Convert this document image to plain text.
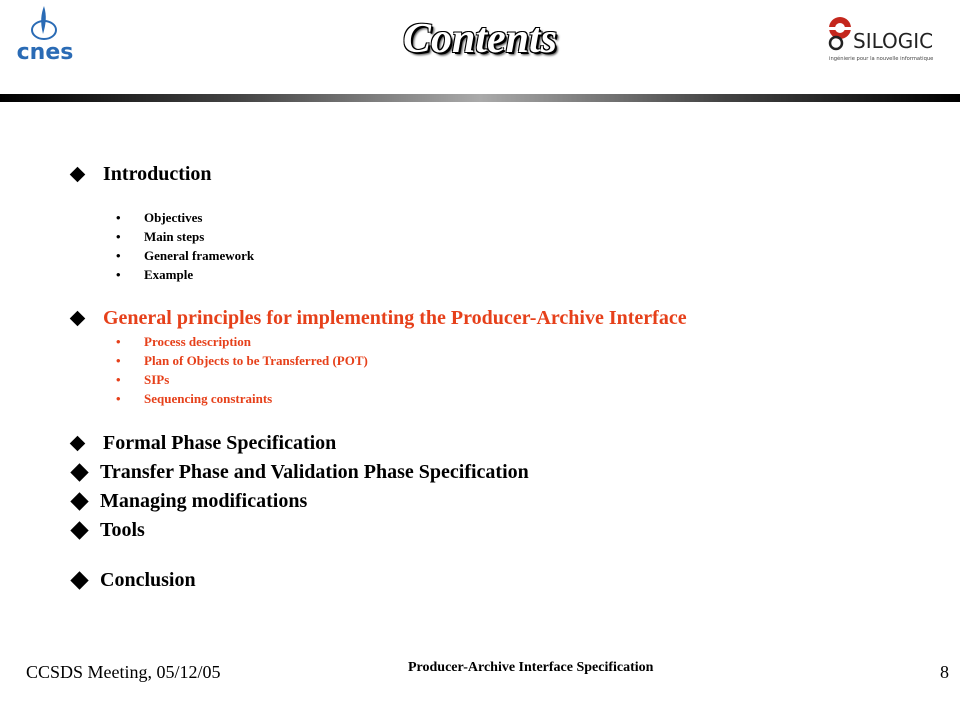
cnes	Contents	SILOGIC
ingénierie pour la nouvelle informatique
Introduction
• Objectives
• Main steps
• General framework
• Example
General principles for implementing the Producer-Archive Interface
• Process description
• Plan of Objects to be Transferred (POT)
• SIPs
• Sequencing constraints
Formal Phase Specification
Transfer Phase and Validation Phase Specification
Managing modifications
Tools
Conclusion
CCSDS Meeting, 05/12/05	Producer-Archive Interface Specification	8
